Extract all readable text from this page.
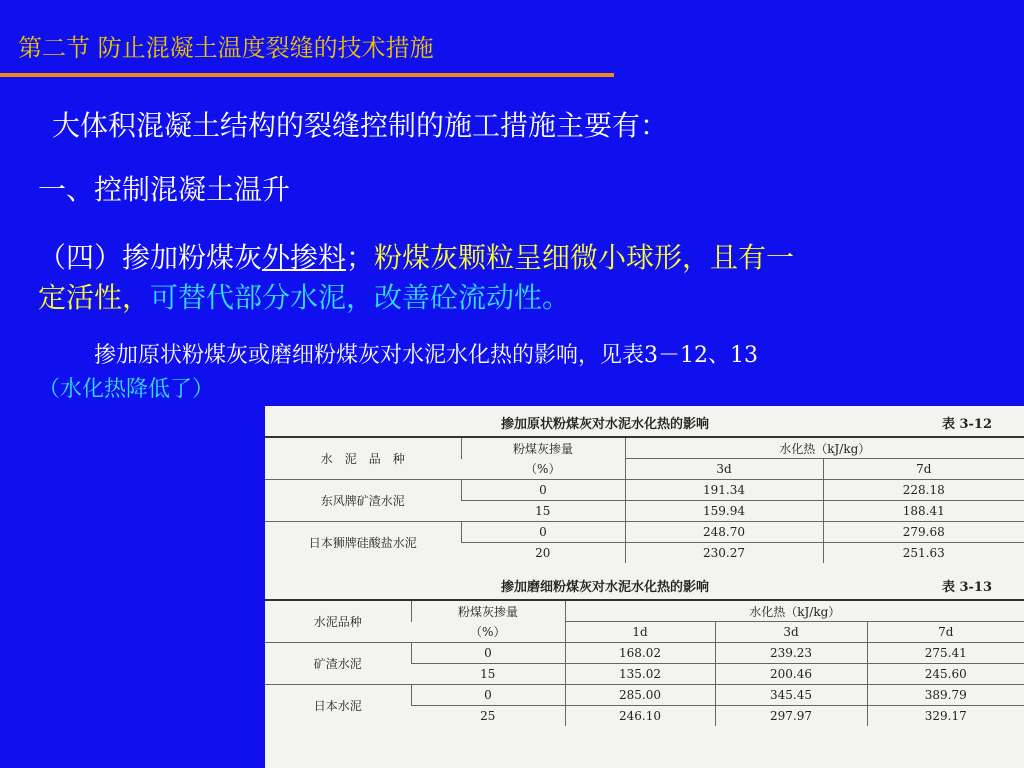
第二节 防止混凝土温度裂缝的技术措施
大体积混凝土结构的裂缝控制的施工措施主要有：
一、控制混凝土温升
（四）掺加粉煤灰外掺料；粉煤灰颗粒呈细微小球形，且有一
定活性，可替代部分水泥，改善砼流动性。
掺加原状粉煤灰或磨细粉煤灰对水泥水化热的影响，见表3－12、13
（水化热降低了）
掺加原状粉煤灰对水泥水化热的影响	表 3-12
水　泥　品　种	粉煤灰掺量	水化热（kJ/kg）	
	（%）	3d	7d
东风牌矿渣水泥	0	191.34	228.18
	15	159.94	188.41
日本狮牌硅酸盐水泥	0	248.70	279.68
	20	230.27	251.63
掺加磨细粉煤灰对水泥水化热的影响	表 3-13
水泥品种	粉煤灰掺量	水化热（kJ/kg）		
	（%）	1d	3d	7d
矿渣水泥	0	168.02	239.23	275.41
	15	135.02	200.46	245.60
日本水泥	0	285.00	345.45	389.79
	25	246.10	297.97	329.17
